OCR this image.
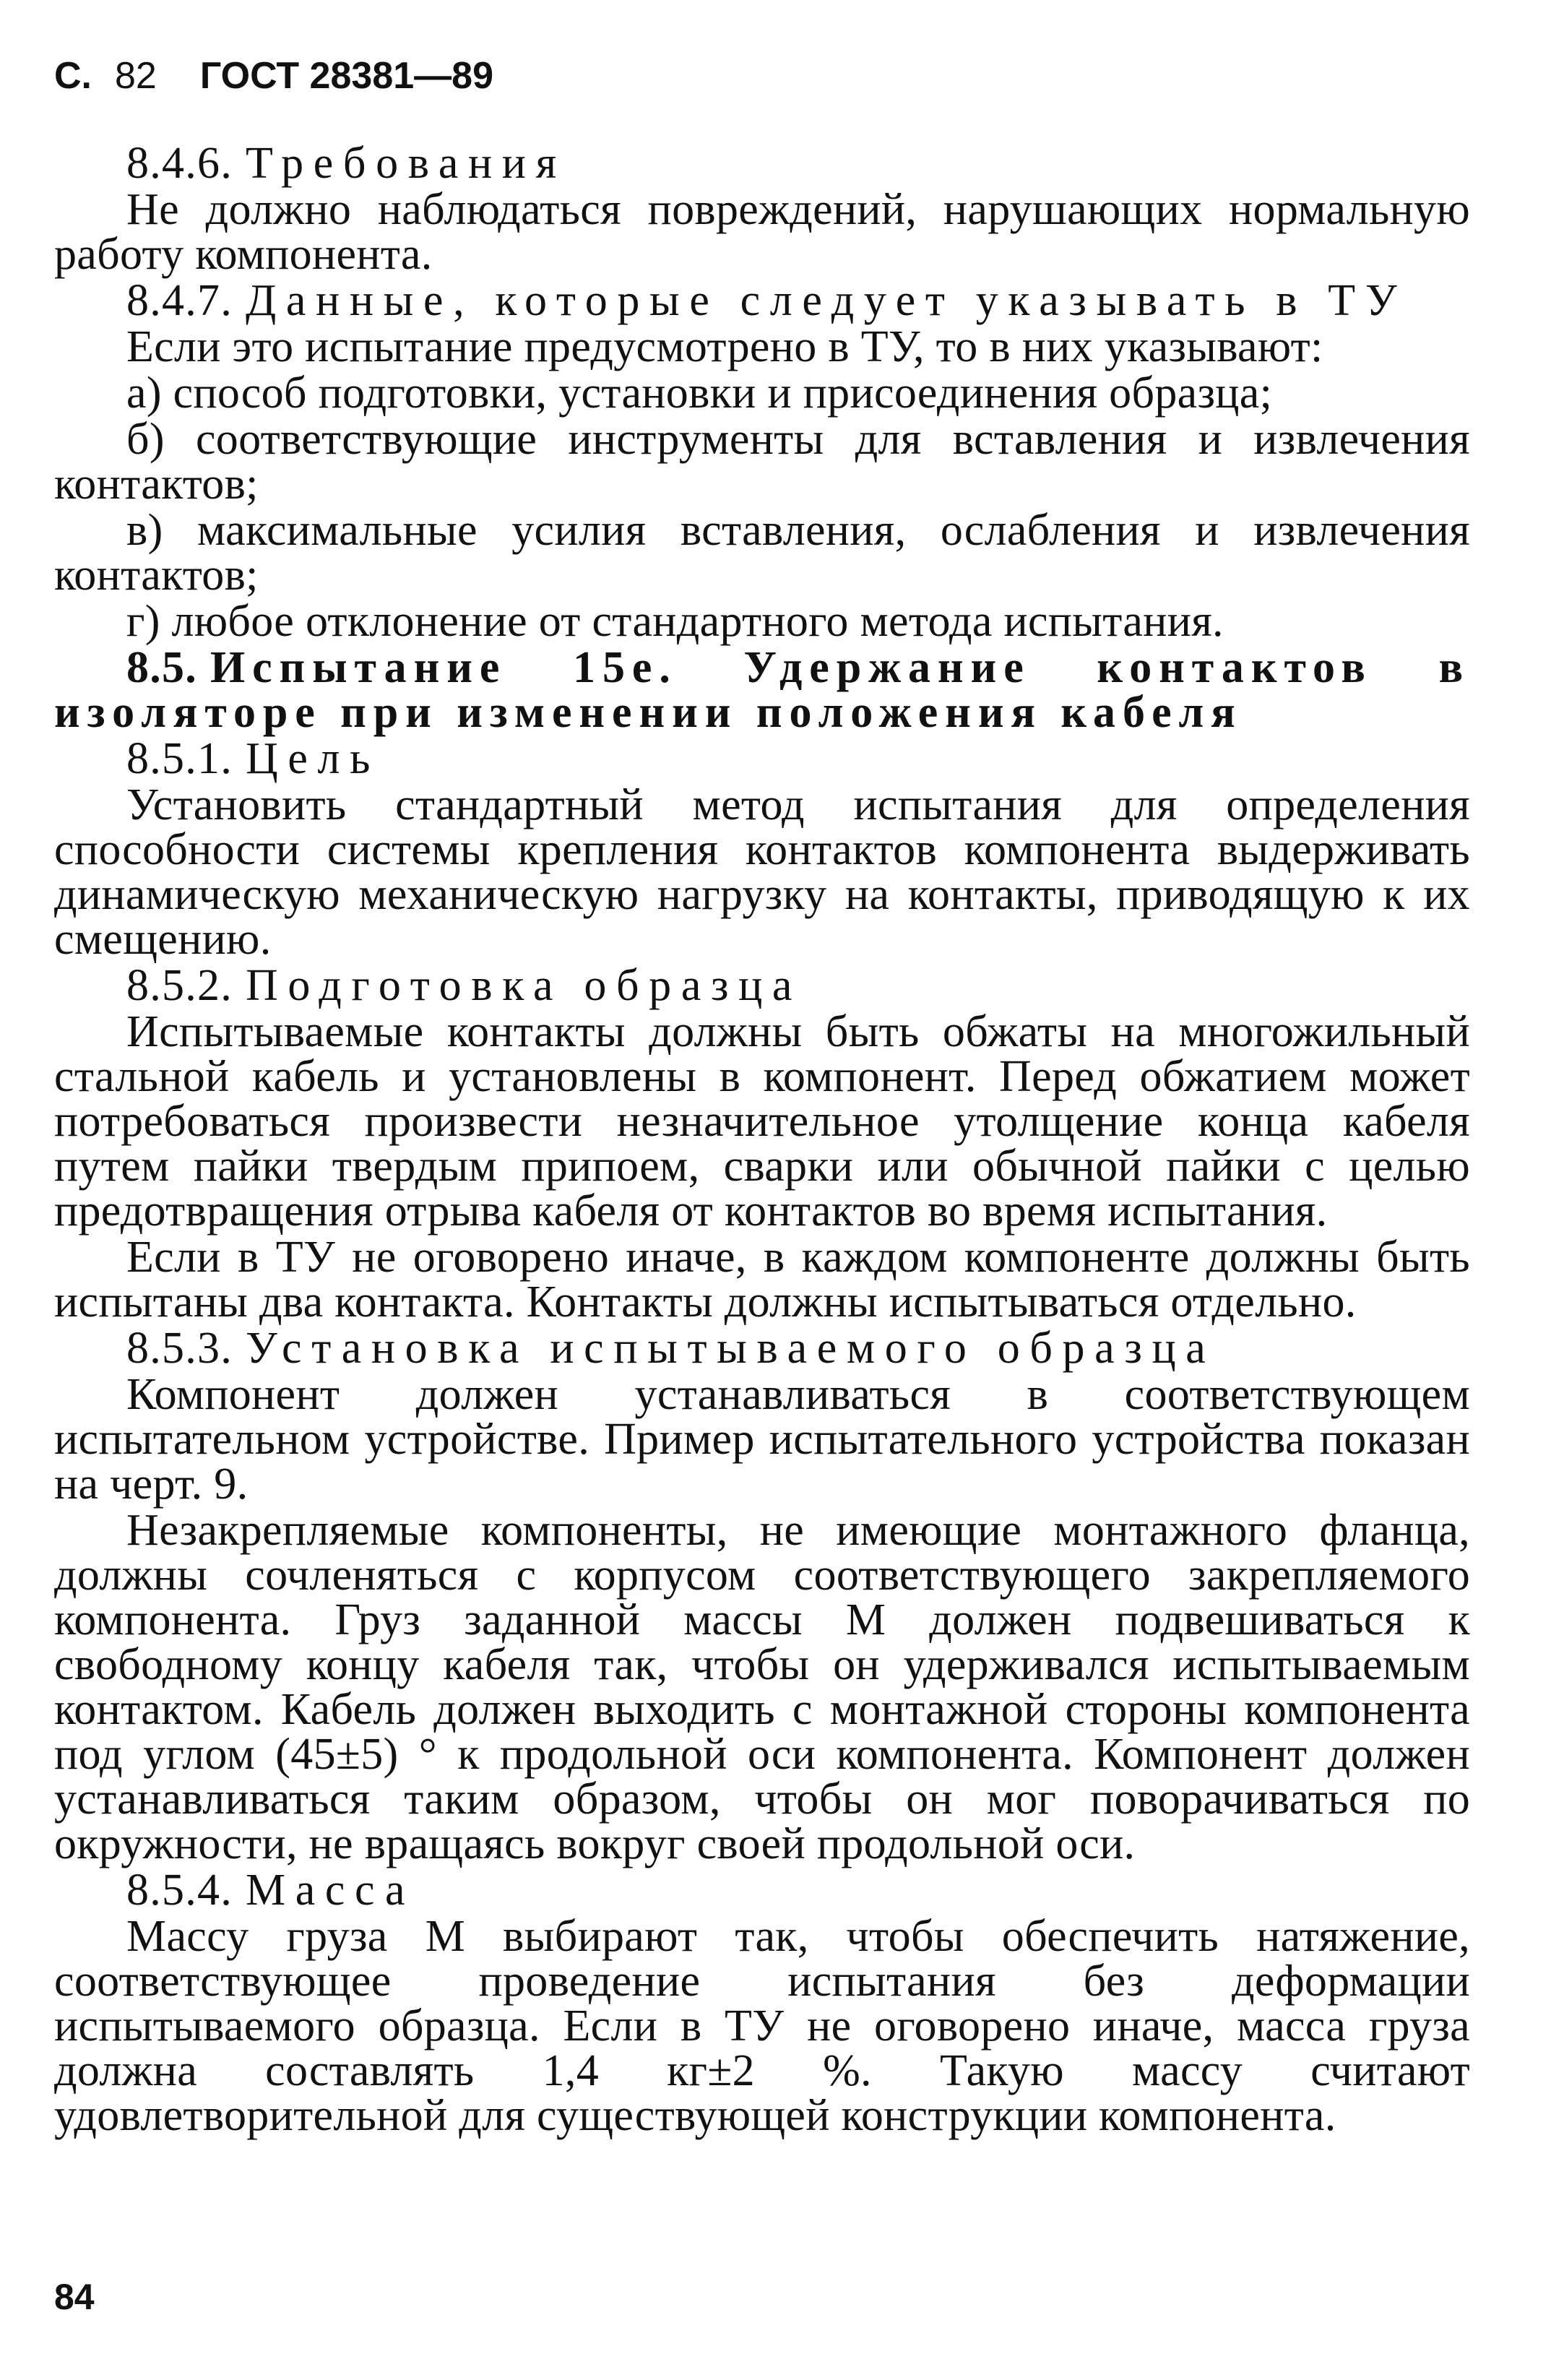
С. 82 ГОСТ 28381—89
8.4.6. Требования

Не должно наблюдаться повреждений, нарушающих нормальную работу компонента.

8.4.7. Данные, которые следует указывать в ТУ

Если это испытание предусмотрено в ТУ, то в них указывают:

а) способ подготовки, установки и присоединения образца;

б) соответствующие инструменты для вставления и извлечения контактов;

в) максимальные усилия вставления, ослабления и извлечения контактов;

г) любое отклонение от стандартного метода испытания.

8.5. Испытание 15е. Удержание контактов в изоляторе при изменении положения кабеля

8.5.1. Цель

Установить стандартный метод испытания для определения способности системы крепления контактов компонента выдерживать динамическую механическую нагрузку на контакты, приводящую к их смещению.

8.5.2. Подготовка образца

Испытываемые контакты должны быть обжаты на многожильный стальной кабель и установлены в компонент. Перед обжатием может потребоваться произвести незначительное утолщение конца кабеля путем пайки твердым припоем, сварки или обычной пайки с целью предотвращения отрыва кабеля от контактов во время испытания.

Если в ТУ не оговорено иначе, в каждом компоненте должны быть испытаны два контакта. Контакты должны испытываться отдельно.

8.5.3. Установка испытываемого образца

Компонент должен устанавливаться в соответствующем испытательном устройстве. Пример испытательного устройства показан на черт. 9.

Незакрепляемые компоненты, не имеющие монтажного фланца, должны сочленяться с корпусом соответствующего закрепляемого компонента. Груз заданной массы М должен подвешиваться к свободному концу кабеля так, чтобы он удерживался испытываемым контактом. Кабель должен выходить с монтажной стороны компонента под углом (45±5) ° к продольной оси компонента. Компонент должен устанавливаться таким образом, чтобы он мог поворачиваться по окружности, не вращаясь вокруг своей продольной оси.

8.5.4. Масса

Массу груза М выбирают так, чтобы обеспечить натяжение, соответствующее проведение испытания без деформации испытываемого образца. Если в ТУ не оговорено иначе, масса груза должна составлять 1,4 кг±2 %. Такую массу считают удовлетворительной для существующей конструкции компонента.

84
